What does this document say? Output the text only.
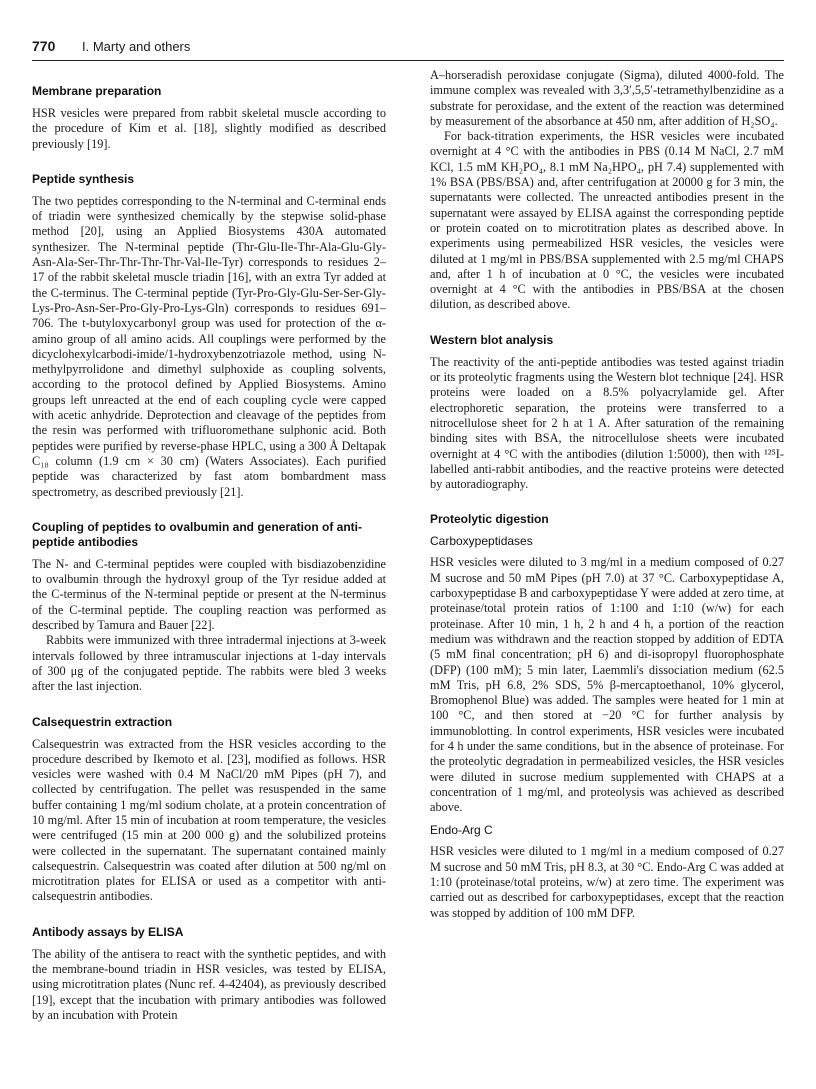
770 I. Marty and others
Membrane preparation

HSR vesicles were prepared from rabbit skeletal muscle according to the procedure of Kim et al. [18], slightly modified as described previously [19].

Peptide synthesis

The two peptides corresponding to the N-terminal and C-terminal ends of triadin were synthesized chemically by the stepwise solid-phase method [20], using an Applied Biosystems 430A automated synthesizer. The N-terminal peptide (Thr-Glu-Ile-Thr-Ala-Glu-Gly-Asn-Ala-Ser-Thr-Thr-Thr-Thr-Val-Ile-Tyr) corresponds to residues 2–17 of the rabbit skeletal muscle triadin [16], with an extra Tyr added at the C-terminus. The C-terminal peptide (Tyr-Pro-Gly-Glu-Ser-Ser-Gly-Lys-Pro-Asn-Ser-Pro-Gly-Pro-Lys-Gln) corresponds to residues 691–706. The t-butyloxycarbonyl group was used for protection of the α-amino group of all amino acids. All couplings were performed by the dicyclohexylcarbodi-imide/1-hydroxybenzotriazole method, using N-methylpyrrolidone and dimethyl sulphoxide as coupling solvents, according to the protocol defined by Applied Biosystems. Amino groups left unreacted at the end of each coupling cycle were capped with acetic anhydride. Deprotection and cleavage of the peptides from the resin was performed with trifluoromethane sulphonic acid. Both peptides were purified by reverse-phase HPLC, using a 300 Å Deltapak C₁₈ column (1.9 cm × 30 cm) (Waters Associates). Each purified peptide was characterized by fast atom bombardment mass spectrometry, as described previously [21].

Coupling of peptides to ovalbumin and generation of anti-peptide antibodies

The N- and C-terminal peptides were coupled with bisdiazobenzidine to ovalbumin through the hydroxyl group of the Tyr residue added at the C-terminus of the N-terminal peptide or present at the N-terminus of the C-terminal peptide. The coupling reaction was performed as described by Tamura and Bauer [22].

Rabbits were immunized with three intradermal injections at 3-week intervals followed by three intramuscular injections at 1-day intervals of 300 μg of the conjugated peptide. The rabbits were bled 3 weeks after the last injection.

Calsequestrin extraction

Calsequestrin was extracted from the HSR vesicles according to the procedure described by Ikemoto et al. [23], modified as follows. HSR vesicles were washed with 0.4 M NaCl/20 mM Pipes (pH 7), and collected by centrifugation. The pellet was resuspended in the same buffer containing 1 mg/ml sodium cholate, at a protein concentration of 10 mg/ml. After 15 min of incubation at room temperature, the vesicles were centrifuged (15 min at 200 000 g) and the solubilized proteins were collected in the supernatant. The supernatant contained mainly calsequestrin. Calsequestrin was coated after dilution at 500 ng/ml on microtitration plates for ELISA or used as a competitor with anti-calsequestrin antibodies.

Antibody assays by ELISA

The ability of the antisera to react with the synthetic peptides, and with the membrane-bound triadin in HSR vesicles, was tested by ELISA, using microtitration plates (Nunc ref. 4-42404), as previously described [19], except that the incubation with primary antibodies was followed by an incubation with Protein

A–horseradish peroxidase conjugate (Sigma), diluted 4000-fold. The immune complex was revealed with 3,3′,5,5′-tetramethylbenzidine as a substrate for peroxidase, and the extent of the reaction was determined by measurement of the absorbance at 450 nm, after addition of H₂SO₄.

For back-titration experiments, the HSR vesicles were incubated overnight at 4 °C with the antibodies in PBS (0.14 M NaCl, 2.7 mM KCl, 1.5 mM KH₂PO₄, 8.1 mM Na₂HPO₄, pH 7.4) supplemented with 1% BSA (PBS/BSA) and, after centrifugation at 20000 g for 3 min, the supernatants were collected. The unreacted antibodies present in the supernatant were assayed by ELISA against the corresponding peptide or protein coated on to microtitration plates as described above. In experiments using permeabilized HSR vesicles, the vesicles were diluted at 1 mg/ml in PBS/BSA supplemented with 2.5 mg/ml CHAPS and, after 1 h of incubation at 0 °C, the vesicles were incubated overnight at 4 °C with the antibodies in PBS/BSA at the chosen dilution, as described above.

Western blot analysis

The reactivity of the anti-peptide antibodies was tested against triadin or its proteolytic fragments using the Western blot technique [24]. HSR proteins were loaded on a 8.5% polyacrylamide gel. After electrophoretic separation, the proteins were transferred to a nitrocellulose sheet for 2 h at 1 A. After saturation of the remaining binding sites with BSA, the nitrocellulose sheets were incubated overnight at 4 °C with the antibodies (dilution 1:5000), then with ¹²⁵I-labelled anti-rabbit antibodies, and the reactive proteins were detected by autoradiography.

Proteolytic digestion
Carboxypeptidases

HSR vesicles were diluted to 3 mg/ml in a medium composed of 0.27 M sucrose and 50 mM Pipes (pH 7.0) at 37 °C. Carboxypeptidase A, carboxypeptidase B and carboxypeptidase Y were added at zero time, at proteinase/total protein ratios of 1:100 and 1:10 (w/w) for each proteinase. After 10 min, 1 h, 2 h and 4 h, a portion of the reaction medium was withdrawn and the reaction stopped by addition of EDTA (5 mM final concentration; pH 6) and di-isopropyl fluorophosphate (DFP) (100 mM); 5 min later, Laemmli's dissociation medium (62.5 mM Tris, pH 6.8, 2% SDS, 5% β-mercaptoethanol, 10% glycerol, Bromophenol Blue) was added. The samples were heated for 1 min at 100 °C, and then stored at −20 °C for further analysis by immunoblotting. In control experiments, HSR vesicles were incubated for 4 h under the same conditions, but in the absence of proteinase. For the proteolytic degradation in permeabilized vesicles, the HSR vesicles were diluted in sucrose medium supplemented with CHAPS at a concentration of 1 mg/ml, and proteolysis was achieved as described above.

Endo-Arg C

HSR vesicles were diluted to 1 mg/ml in a medium composed of 0.27 M sucrose and 50 mM Tris, pH 8.3, at 30 °C. Endo-Arg C was added at 1:10 (proteinase/total proteins, w/w) at zero time. The experiment was carried out as described for carboxypeptidases, except that the reaction was stopped by addition of 100 mM DFP.
